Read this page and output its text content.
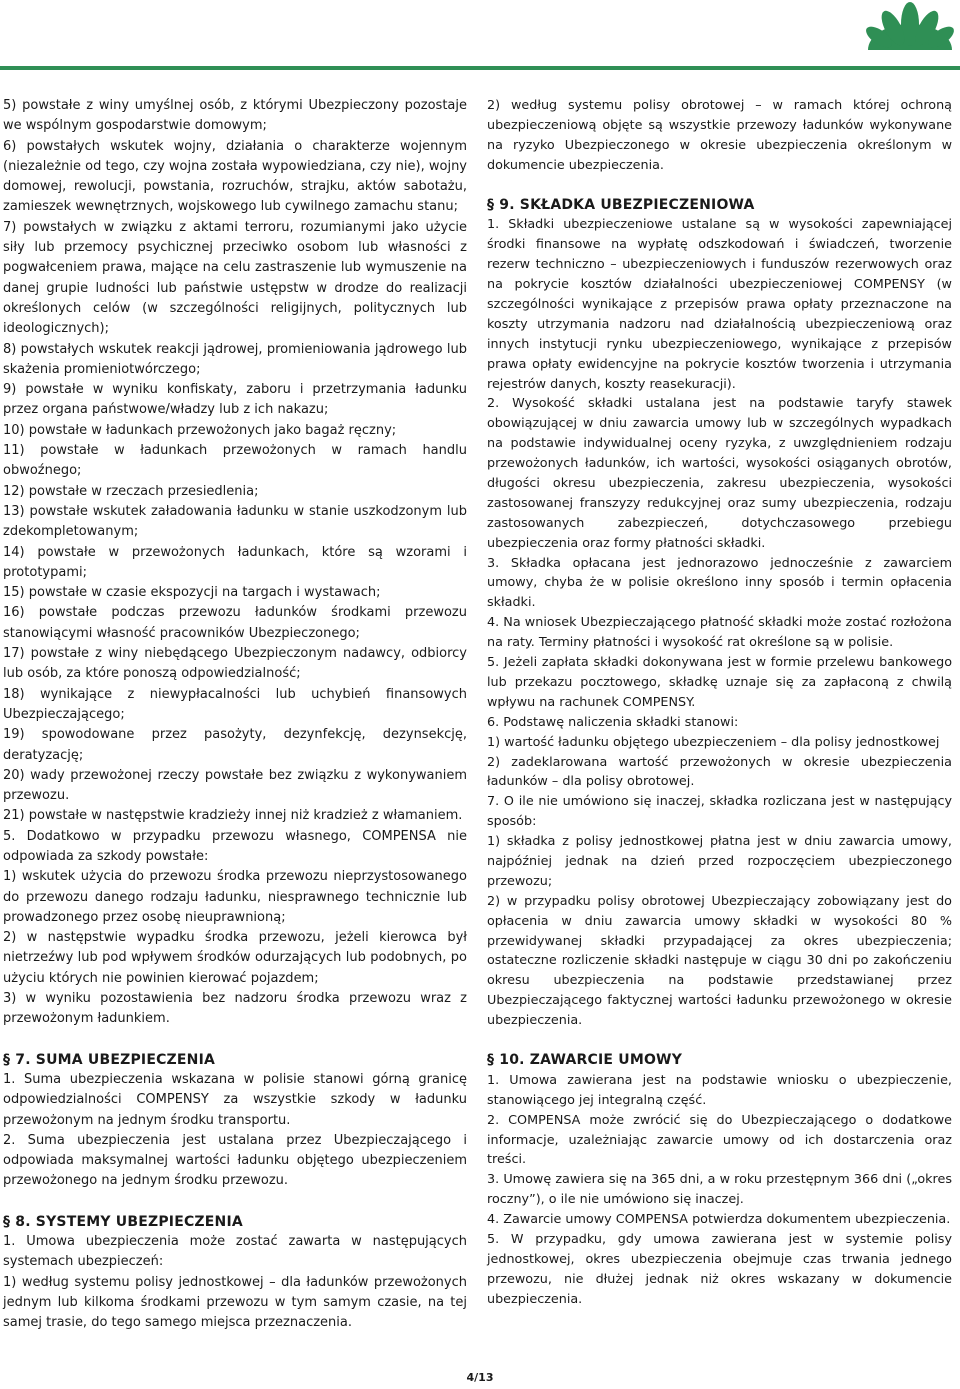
5) powstałe z winy umyślnej osób, z którymi Ubezpieczony pozostaje we wspólnym gospodarstwie domowym;

6) powstałych wskutek wojny, działania o charakterze wojennym (niezależnie od tego, czy wojna została wypowiedziana, czy nie), wojny domowej, rewolucji, powstania, rozruchów, strajku, aktów sabotażu, zamieszek wewnętrznych, wojskowego lub cywilnego zamachu stanu;

7) powstałych w związku z aktami terroru, rozumianymi jako użycie siły lub przemocy psychicznej przeciwko osobom lub własności z pogwałceniem prawa, mające na celu zastraszenie lub wymuszenie na danej grupie ludności lub państwie ustępstw w drodze do realizacji określonych celów (w szczególności religijnych, politycznych lub ideologicznych);

8) powstałych wskutek reakcji jądrowej, promieniowania jądrowego lub skażenia promieniotwórczego;

9) powstałe w wyniku konfiskaty, zaboru i przetrzymania ładunku przez organa państwowe/władzy lub z ich nakazu;

10) powstałe w ładunkach przewożonych jako bagaż ręczny;

11) powstałe w ładunkach przewożonych w ramach handlu obwoźnego;

12) powstałe w rzeczach przesiedlenia;

13) powstałe wskutek załadowania ładunku w stanie uszkodzonym lub zdekompletowanym;

14) powstałe w przewożonych ładunkach, które są wzorami i prototypami;

15) powstałe w czasie ekspozycji na targach i wystawach;

16) powstałe podczas przewozu ładunków środkami przewozu stanowiącymi własność pracowników Ubezpieczonego;

17) powstałe z winy niebędącego Ubezpieczonym nadawcy, odbiorcy lub osób, za które ponoszą odpowiedzialność;

18) wynikające z niewypłacalności lub uchybień finansowych Ubezpieczającego;

19) spowodowane przez pasożyty, dezynfekcję, dezynsekcję, deratyzację;

20) wady przewożonej rzeczy powstałe bez związku z wykonywaniem przewozu.

21) powstałe w następstwie kradzieży innej niż kradzież z włamaniem.

5. Dodatkowo w przypadku przewozu własnego, COMPENSA nie odpowiada za szkody powstałe:

1) wskutek użycia do przewozu środka przewozu nieprzystosowanego do przewozu danego rodzaju ładunku, niesprawnego technicznie lub prowadzonego przez osobę nieuprawnioną;

2) w następstwie wypadku środka przewozu, jeżeli kierowca był nietrzeźwy lub pod wpływem środków odurzających lub podobnych, po użyciu których nie powinien kierować pojazdem;

3) w wyniku pozostawienia bez nadzoru środka przewozu wraz z przewożonym ładunkiem.

§ 7. SUMA UBEZPIECZENIA

1. Suma ubezpieczenia wskazana w polisie stanowi górną granicę odpowiedzialności COMPENSY za wszystkie szkody w ładunku przewożonym na jednym środku transportu.

2. Suma ubezpieczenia jest ustalana przez Ubezpieczającego i odpowiada maksymalnej wartości ładunku objętego ubezpieczeniem przewożonego na jednym środku przewozu.

§ 8. SYSTEMY UBEZPIECZENIA

1. Umowa ubezpieczenia może zostać zawarta w następujących systemach ubezpieczeń:

1) według systemu polisy jednostkowej – dla ładunków przewożonych jednym lub kilkoma środkami przewozu w tym samym czasie, na tej samej trasie, do tego samego miejsca przeznaczenia.

2) według systemu polisy obrotowej – w ramach której ochroną ubezpieczeniową objęte są wszystkie przewozy ładunków wykonywane na ryzyko Ubezpieczonego w okresie ubezpieczenia określonym w dokumencie ubezpieczenia.

§ 9. SKŁADKA UBEZPIECZENIOWA

1. Składki ubezpieczeniowe ustalane są w wysokości zapewniającej środki finansowe na wypłatę odszkodowań i świadczeń, tworzenie rezerw techniczno – ubezpieczeniowych i funduszów rezerwowych oraz na pokrycie kosztów działalności ubezpieczeniowej COMPENSY (w szczególności wynikające z przepisów prawa opłaty przeznaczone na koszty utrzymania nadzoru nad działalnością ubezpieczeniową oraz innych instytucji rynku ubezpieczeniowego, wynikające z przepisów prawa opłaty ewidencyjne na pokrycie kosztów tworzenia i utrzymania rejestrów danych, koszty reasekuracji).

2. Wysokość składki ustalana jest na podstawie taryfy stawek obowiązującej w dniu zawarcia umowy lub w szczególnych wypadkach na podstawie indywidualnej oceny ryzyka, z uwzględnieniem rodzaju przewożonych ładunków, ich wartości, wysokości osiąganych obrotów, długości okresu ubezpieczenia, zakresu ubezpieczenia, wysokości zastosowanej franszyzy redukcyjnej oraz sumy ubezpieczenia, rodzaju zastosowanych zabezpieczeń, dotychczasowego przebiegu ubezpieczenia oraz formy płatności składki.

3. Składka opłacana jest jednorazowo jednocześnie z zawarciem umowy, chyba że w polisie określono inny sposób i termin opłacenia składki.

4. Na wniosek Ubezpieczającego płatność składki może zostać rozłożona na raty. Terminy płatności i wysokość rat określone są w polisie.

5. Jeżeli zapłata składki dokonywana jest w formie przelewu bankowego lub przekazu pocztowego, składkę uznaje się za zapłaconą z chwilą wpływu na rachunek COMPENSY.

6. Podstawę naliczenia składki stanowi:

1) wartość ładunku objętego ubezpieczeniem – dla polisy jednostkowej

2) zadeklarowana wartość przewożonych w okresie ubezpieczenia ładunków – dla polisy obrotowej.

7. O ile nie umówiono się inaczej, składka rozliczana jest w następujący sposób:

1) składka z polisy jednostkowej płatna jest w dniu zawarcia umowy, najpóźniej jednak na dzień przed rozpoczęciem ubezpieczonego przewozu;

2) w przypadku polisy obrotowej Ubezpieczający zobowiązany jest do opłacenia w dniu zawarcia umowy składki w wysokości 80 % przewidywanej składki przypadającej za okres ubezpieczenia; ostateczne rozliczenie składki następuje w ciągu 30 dni po zakończeniu okresu ubezpieczenia na podstawie przedstawianej przez Ubezpieczającego faktycznej wartości ładunku przewożonego w okresie ubezpieczenia.

§ 10. ZAWARCIE UMOWY

1. Umowa zawierana jest na podstawie wniosku o ubezpieczenie, stanowiącego jej integralną część.

2. COMPENSA może zwrócić się do Ubezpieczającego o dodatkowe informacje, uzależniając zawarcie umowy od ich dostarczenia oraz treści.

3. Umowę zawiera się na 365 dni, a w roku przestępnym 366 dni („okres roczny”), o ile nie umówiono się inaczej.

4. Zawarcie umowy COMPENSA potwierdza dokumentem ubezpieczenia.

5. W przypadku, gdy umowa zawierana jest w systemie polisy jednostkowej, okres ubezpieczenia obejmuje czas trwania jednego przewozu, nie dłużej jednak niż okres wskazany w dokumencie ubezpieczenia.

4/13
